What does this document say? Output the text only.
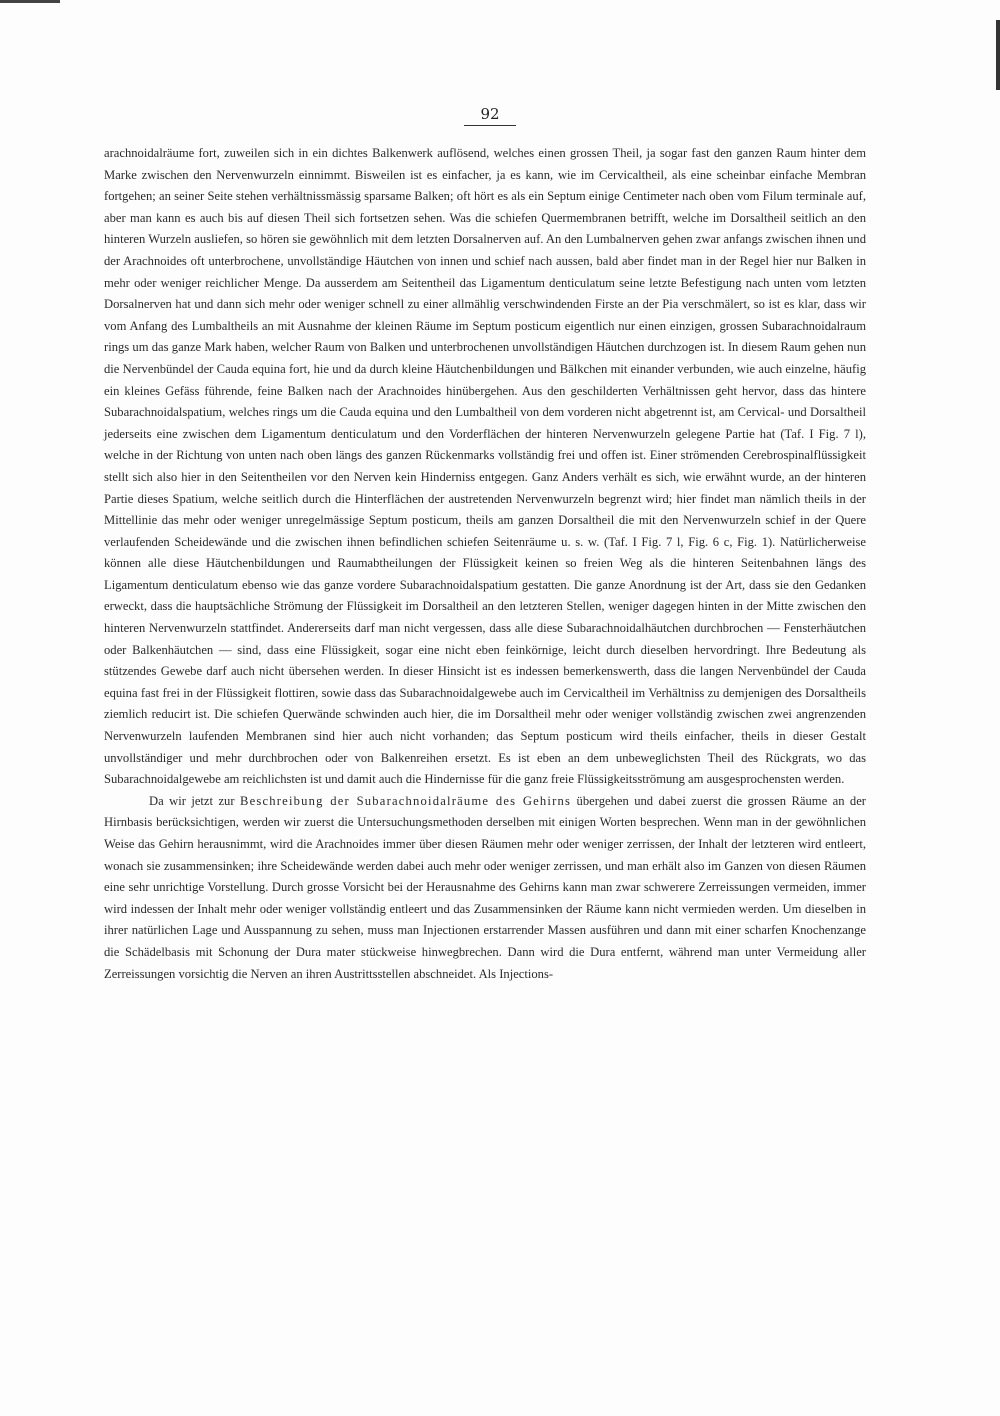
92

arachnoidalräume fort, zuweilen sich in ein dichtes Balkenwerk auflösend, welches einen grossen Theil, ja sogar fast den ganzen Raum hinter dem Marke zwischen den Nervenwurzeln einnimmt. Bisweilen ist es einfacher, ja es kann, wie im Cervicaltheil, als eine scheinbar einfache Membran fortgehen; an seiner Seite stehen verhältnissmässig sparsame Balken; oft hört es als ein Septum einige Centimeter nach oben vom Filum terminale auf, aber man kann es auch bis auf diesen Theil sich fortsetzen sehen. Was die schiefen Quermembranen betrifft, welche im Dorsaltheil seitlich an den hinteren Wurzeln ausliefen, so hören sie gewöhnlich mit dem letzten Dorsalnerven auf. An den Lumbalnerven gehen zwar anfangs zwischen ihnen und der Arachnoides oft unterbrochene, unvollständige Häutchen von innen und schief nach aussen, bald aber findet man in der Regel hier nur Balken in mehr oder weniger reichlicher Menge. Da ausserdem am Seitentheil das Ligamentum denticulatum seine letzte Befestigung nach unten vom letzten Dorsalnerven hat und dann sich mehr oder weniger schnell zu einer allmählig verschwindenden Firste an der Pia verschmälert, so ist es klar, dass wir vom Anfang des Lumbaltheils an mit Ausnahme der kleinen Räume im Septum posticum eigentlich nur einen einzigen, grossen Subarachnoidalraum rings um das ganze Mark haben, welcher Raum von Balken und unterbrochenen unvollständigen Häutchen durchzogen ist. In diesem Raum gehen nun die Nervenbündel der Cauda equina fort, hie und da durch kleine Häutchenbildungen und Bälkchen mit einander verbunden, wie auch einzelne, häufig ein kleines Gefäss führende, feine Balken nach der Arachnoides hinübergehen. Aus den geschilderten Verhältnissen geht hervor, dass das hintere Subarachnoidalspatium, welches rings um die Cauda equina und den Lumbaltheil von dem vorderen nicht abgetrennt ist, am Cervical- und Dorsaltheil jederseits eine zwischen dem Ligamentum denticulatum und den Vorderflächen der hinteren Nervenwurzeln gelegene Partie hat (Taf. I Fig. 7 l), welche in der Richtung von unten nach oben längs des ganzen Rückenmarks vollständig frei und offen ist. Einer strömenden Cerebrospinalflüssigkeit stellt sich also hier in den Seitentheilen vor den Nerven kein Hinderniss entgegen. Ganz Anders verhält es sich, wie erwähnt wurde, an der hinteren Partie dieses Spatium, welche seitlich durch die Hinterflächen der austretenden Nervenwurzeln begrenzt wird; hier findet man nämlich theils in der Mittellinie das mehr oder weniger unregelmässige Septum posticum, theils am ganzen Dorsaltheil die mit den Nervenwurzeln schief in der Quere verlaufenden Scheidewände und die zwischen ihnen befindlichen schiefen Seitenräume u. s. w. (Taf. I Fig. 7 l, Fig. 6 c, Fig. 1). Natürlicherweise können alle diese Häutchenbildungen und Raumabtheilungen der Flüssigkeit keinen so freien Weg als die hinteren Seitenbahnen längs des Ligamentum denticulatum ebenso wie das ganze vordere Subarachnoidalspatium gestatten. Die ganze Anordnung ist der Art, dass sie den Gedanken erweckt, dass die hauptsächliche Strömung der Flüssigkeit im Dorsaltheil an den letzteren Stellen, weniger dagegen hinten in der Mitte zwischen den hinteren Nervenwurzeln stattfindet. Andererseits darf man nicht vergessen, dass alle diese Subarachnoidalhäutchen durchbrochen — Fensterhäutchen oder Balkenhäutchen — sind, dass eine Flüssigkeit, sogar eine nicht eben feinkörnige, leicht durch dieselben hervordringt. Ihre Bedeutung als stützendes Gewebe darf auch nicht übersehen werden. In dieser Hinsicht ist es indessen bemerkenswerth, dass die langen Nervenbündel der Cauda equina fast frei in der Flüssigkeit flottiren, sowie dass das Subarachnoidalgewebe auch im Cervicaltheil im Verhältniss zu demjenigen des Dorsaltheils ziemlich reducirt ist. Die schiefen Querwände schwinden auch hier, die im Dorsaltheil mehr oder weniger vollständig zwischen zwei angrenzenden Nervenwurzeln laufenden Membranen sind hier auch nicht vorhanden; das Septum posticum wird theils einfacher, theils in dieser Gestalt unvollständiger und mehr durchbrochen oder von Balkenreihen ersetzt. Es ist eben an dem unbeweglichsten Theil des Rückgrats, wo das Subarachnoidalgewebe am reichlichsten ist und damit auch die Hindernisse für die ganz freie Flüssigkeitsströmung am ausgesprochensten werden.

Da wir jetzt zur Beschreibung der Subarachnoidalräume des Gehirns übergehen und dabei zuerst die grossen Räume an der Hirnbasis berücksichtigen, werden wir zuerst die Untersuchungsmethoden derselben mit einigen Worten besprechen. Wenn man in der gewöhnlichen Weise das Gehirn herausnimmt, wird die Arachnoides immer über diesen Räumen mehr oder weniger zerrissen, der Inhalt der letzteren wird entleert, wonach sie zusammensinken; ihre Scheidewände werden dabei auch mehr oder weniger zerrissen, und man erhält also im Ganzen von diesen Räumen eine sehr unrichtige Vorstellung. Durch grosse Vorsicht bei der Herausnahme des Gehirns kann man zwar schwerere Zerreissungen vermeiden, immer wird indessen der Inhalt mehr oder weniger vollständig entleert und das Zusammensinken der Räume kann nicht vermieden werden. Um dieselben in ihrer natürlichen Lage und Ausspannung zu sehen, muss man Injectionen erstarrender Massen ausführen und dann mit einer scharfen Knochenzange die Schädelbasis mit Schonung der Dura mater stückweise hinwegbrechen. Dann wird die Dura entfernt, während man unter Vermeidung aller Zerreissungen vorsichtig die Nerven an ihren Austrittsstellen abschneidet. Als Injections-
